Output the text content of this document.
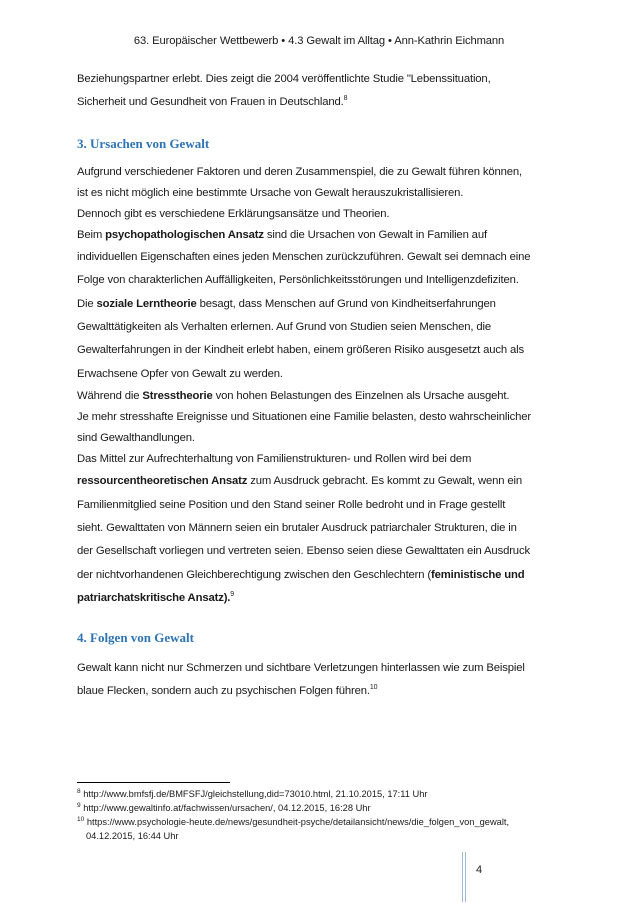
63. Europäischer Wettbewerb • 4.3 Gewalt im Alltag • Ann-Kathrin Eichmann

Beziehungspartner erlebt. Dies zeigt die 2004 veröffentlichte Studie "Lebenssituation,

Sicherheit und Gesundheit von Frauen in Deutschland.$^8$

3. Ursachen von Gewalt

Aufgrund verschiedener Faktoren und deren Zusammenspiel, die zu Gewalt führen können,

ist es nicht möglich eine bestimmte Ursache von Gewalt herauszukristallisieren.

Dennoch gibt es verschiedene Erklärungsansätze und Theorien.

Beim psychopathologischen Ansatz sind die Ursachen von Gewalt in Familien auf

individuellen Eigenschaften eines jeden Menschen zurückzuführen. Gewalt sei demnach eine

Folge von charakterlichen Auffälligkeiten, Persönlichkeitsstörungen und Intelligenzdefiziten.

Die soziale Lerntheorie besagt, dass Menschen auf Grund von Kindheitserfahrungen

Gewalttätigkeiten als Verhalten erlernen. Auf Grund von Studien seien Menschen, die

Gewalterfahrungen in der Kindheit erlebt haben, einem größeren Risiko ausgesetzt auch als

Erwachsene Opfer von Gewalt zu werden.

Während die Stresstheorie von hohen Belastungen des Einzelnen als Ursache ausgeht.

Je mehr stresshafte Ereignisse und Situationen eine Familie belasten, desto wahrscheinlicher

sind Gewalthandlungen.

Das Mittel zur Aufrechterhaltung von Familienstrukturen- und Rollen wird bei dem

ressourcentheoretischen Ansatz zum Ausdruck gebracht. Es kommt zu Gewalt, wenn ein

Familienmitglied seine Position und den Stand seiner Rolle bedroht und in Frage gestellt

sieht. Gewalttaten von Männern seien ein brutaler Ausdruck patriarchaler Strukturen, die in

der Gesellschaft vorliegen und vertreten seien. Ebenso seien diese Gewalttaten ein Ausdruck

der nichtvorhandenen Gleichberechtigung zwischen den Geschlechtern (feministische und

patriarchatskritische Ansatz).$^9$

4. Folgen von Gewalt

Gewalt kann nicht nur Schmerzen und sichtbare Verletzungen hinterlassen wie zum Beispiel

blaue Flecken, sondern auch zu psychischen Folgen führen.$^{10}$

$^8$ http://www.bmfsfj.de/BMFSFJ/gleichstellung,did=73010.html, 21.10.2015, 17:11 Uhr
$^9$ http://www.gewaltinfo.at/fachwissen/ursachen/, 04.12.2015, 16:28 Uhr
$^{10}$ https://www.psychologie-heute.de/news/gesundheit-psyche/detailansicht/news/die_folgen_von_gewalt,
04.12.2015, 16:44 Uhr
4
